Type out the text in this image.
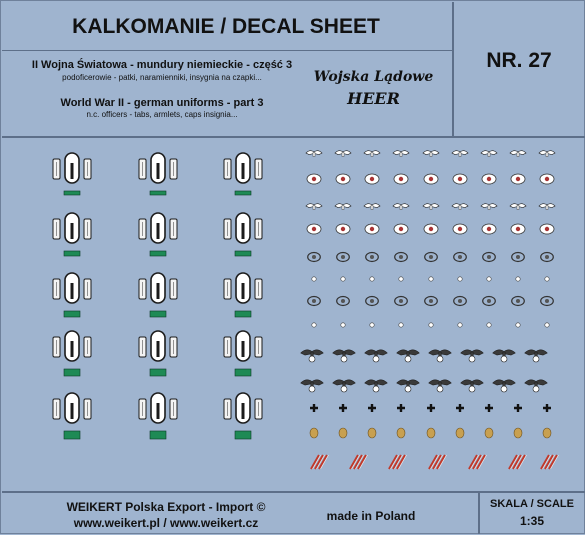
KALKOMANIE / DECAL SHEET
II Wojna Światowa - mundury niemieckie - część 3
podoficerowie - patki, naramienniki, insygnia na czapki...
World War II - german uniforms - part 3
n.c. officers - tabs, armlets, caps insignia...
Wojska Lądowe
HEER
NR. 27
WEIKERT Polska Export - Import ©
www.weikert.pl / www.weikert.cz	made in Poland
SKALA / SCALE
1:35
